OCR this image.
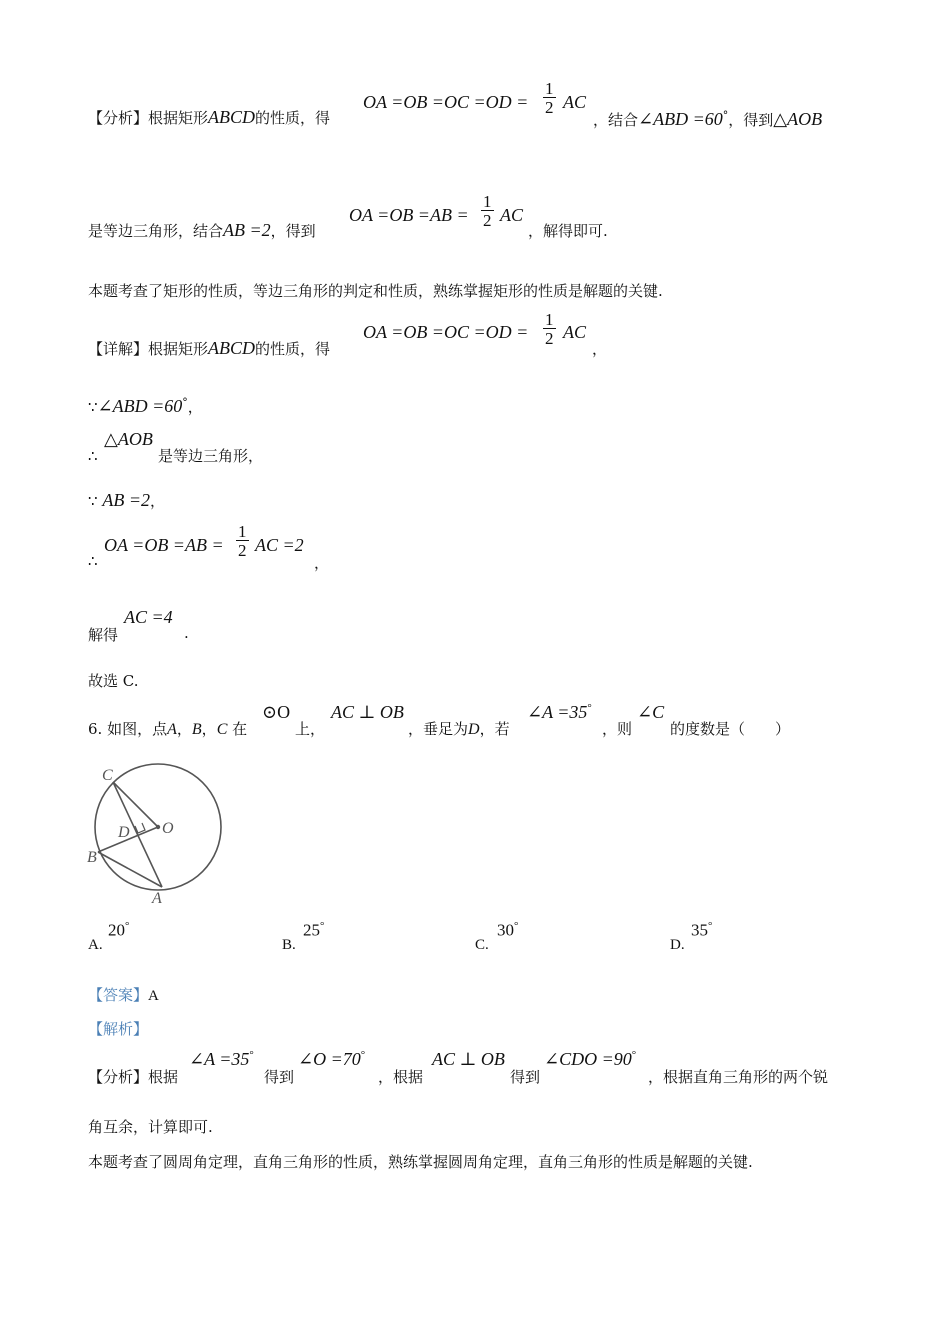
【分析】根据矩形ABCD的性质，得
OA $=OB =OC =OD = \frac{1}{2}$ AC
，结合∠ABD =60°，得到△AOB
是等边三角形，结合AB =2，得到
OA $=OB =AB = \frac{1}{2}$ AC
，解得即可.
本题考查了矩形的性质，等边三角形的判定和性质，熟练掌握矩形的性质是解题的关键.
【详解】根据矩形ABCD的性质，得
OA $=OB =OC =OD = \frac{1}{2}$ AC
，
∵∠ABD =60°，
∴
△AOB
是等边三角形，
∵ AB =2，
∴
OA $=OB =AB = \frac{1}{2}$ AC =2
，
解得
AC =4
.
故选 C.
6. 如图，点A，B，C 在
⊙O
上，
AC ⊥ OB
，垂足为D，若
∠A =35°
，则
∠C
的度数是（　　）
C
D O
B
A
A.
20°
B.
25°
C.
30°
D.
35°
【答案】A
【解析】
【分析】根据
∠A =35°
得到
∠O =70°
，根据
AC ⊥ OB
得到
∠CDO =90°
，根据直角三角形的两个锐
角互余，计算即可.
本题考查了圆周角定理，直角三角形的性质，熟练掌握圆周角定理，直角三角形的性质是解题的关键.
